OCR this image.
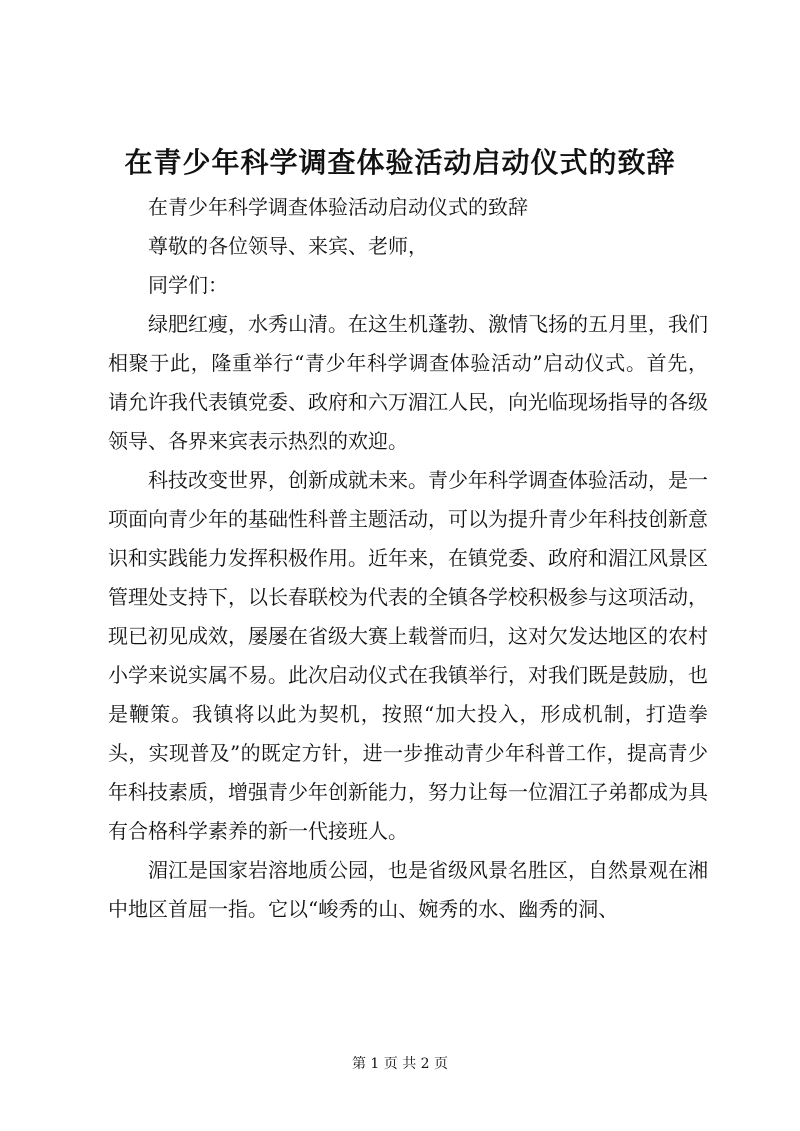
在青少年科学调查体验活动启动仪式的致辞

在青少年科学调查体验活动启动仪式的致辞

尊敬的各位领导、来宾、老师，

同学们：

绿肥红瘦，水秀山清。在这生机蓬勃、激情飞扬的五月里，我们相聚于此，隆重举行“青少年科学调查体验活动”启动仪式。首先，请允许我代表镇党委、政府和六万湄江人民，向光临现场指导的各级领导、各界来宾表示热烈的欢迎。

科技改变世界，创新成就未来。青少年科学调查体验活动，是一项面向青少年的基础性科普主题活动，可以为提升青少年科技创新意识和实践能力发挥积极作用。近年来，在镇党委、政府和湄江风景区管理处支持下，以长春联校为代表的全镇各学校积极参与这项活动，现已初见成效，屡屡在省级大赛上载誉而归，这对欠发达地区的农村小学来说实属不易。此次启动仪式在我镇举行，对我们既是鼓励，也是鞭策。我镇将以此为契机，按照“加大投入，形成机制，打造拳头，实现普及”的既定方针，进一步推动青少年科普工作，提高青少年科技素质，增强青少年创新能力，努力让每一位湄江子弟都成为具有合格科学素养的新一代接班人。

湄江是国家岩溶地质公园，也是省级风景名胜区，自然景观在湘中地区首屈一指。它以“峻秀的山、婉秀的水、幽秀的洞、

第 1 页 共 2 页
